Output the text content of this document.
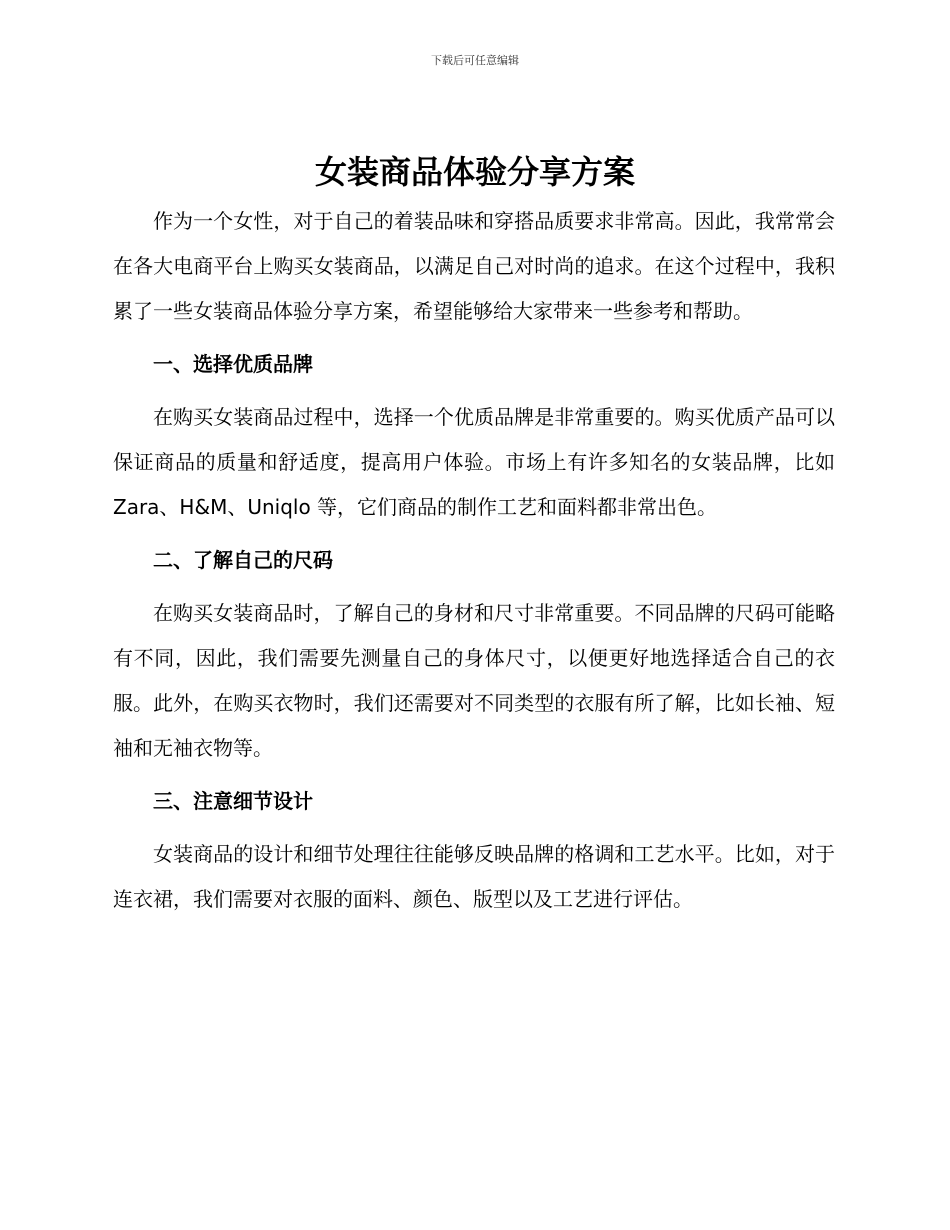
下载后可任意编辑
女装商品体验分享方案

作为一个女性，对于自己的着装品味和穿搭品质要求非常高。因此，我常常会在各大电商平台上购买女装商品，以满足自己对时尚的追求。在这个过程中，我积累了一些女装商品体验分享方案，希望能够给大家带来一些参考和帮助。

一、选择优质品牌

在购买女装商品过程中，选择一个优质品牌是非常重要的。购买优质产品可以保证商品的质量和舒适度，提高用户体验。市场上有许多知名的女装品牌，比如 Zara、H&M、Uniqlo 等，它们商品的制作工艺和面料都非常出色。

二、了解自己的尺码

在购买女装商品时，了解自己的身材和尺寸非常重要。不同品牌的尺码可能略有不同，因此，我们需要先测量自己的身体尺寸，以便更好地选择适合自己的衣服。此外，在购买衣物时，我们还需要对不同类型的衣服有所了解，比如长袖、短袖和无袖衣物等。

三、注意细节设计

女装商品的设计和细节处理往往能够反映品牌的格调和工艺水平。比如，对于连衣裙，我们需要对衣服的面料、颜色、版型以及工艺进行评估。
